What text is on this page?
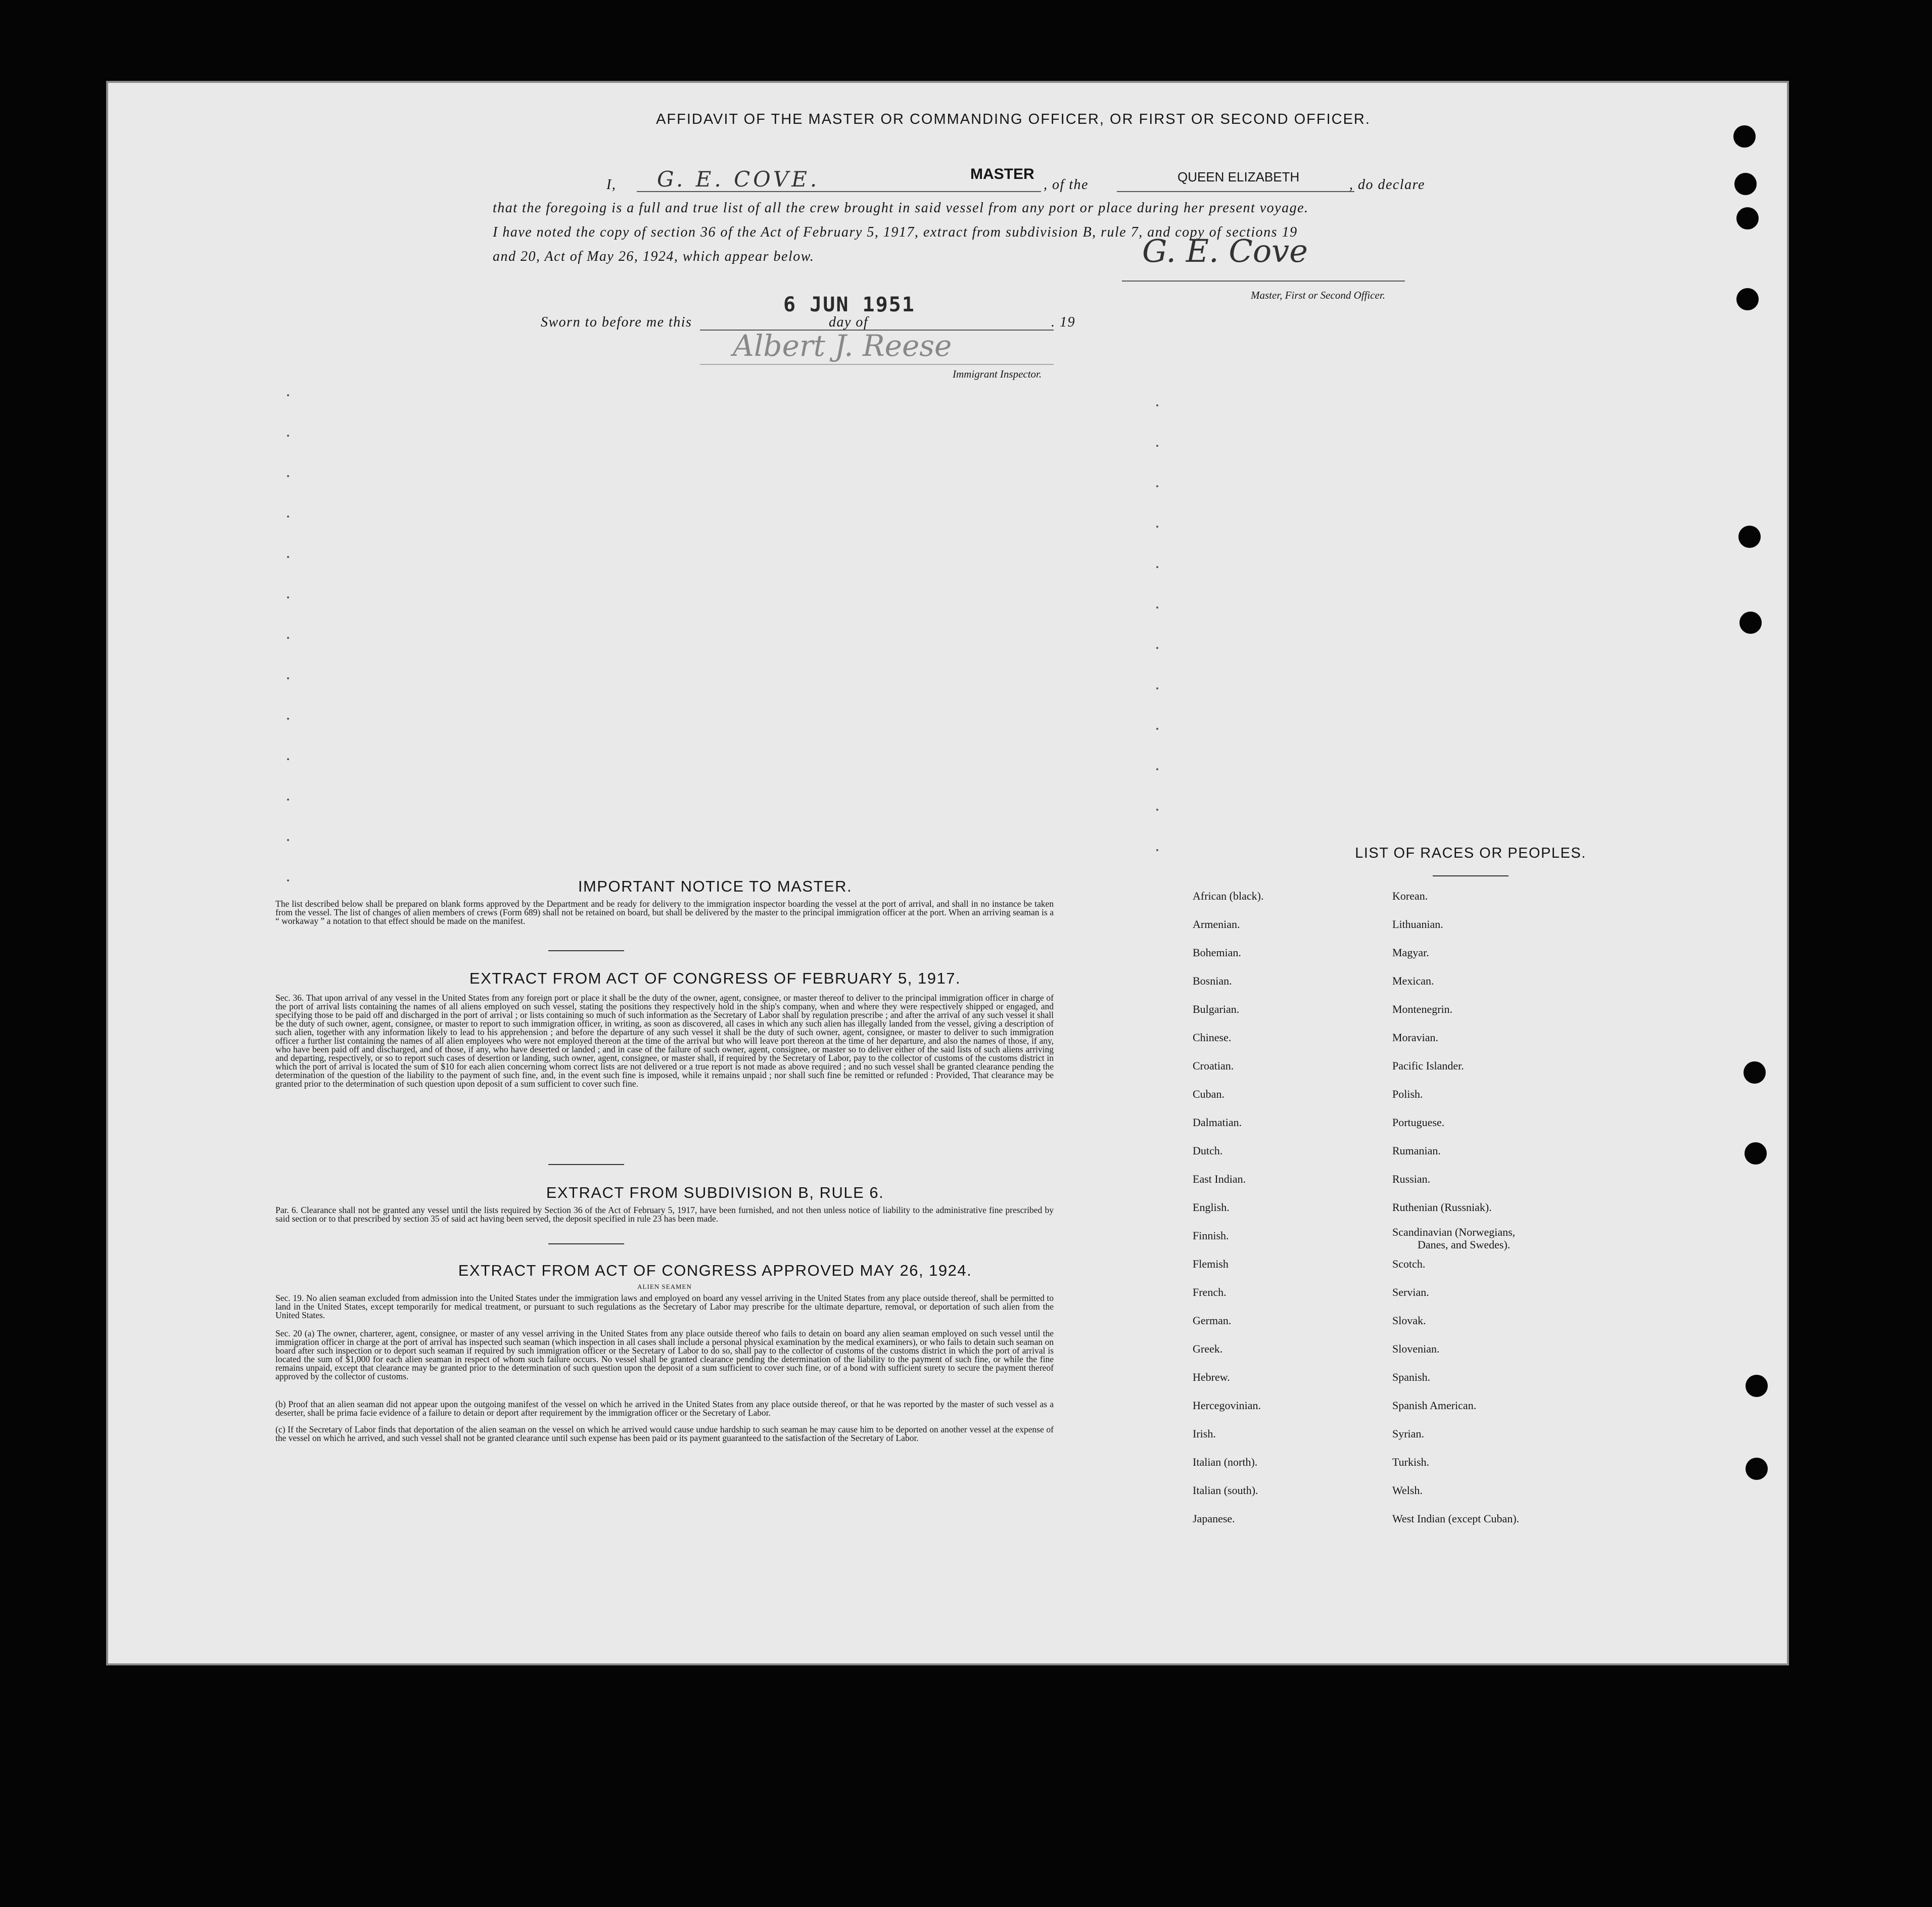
AFFIDAVIT OF THE MASTER OR COMMANDING OFFICER, OR FIRST OR SECOND OFFICER.
I, G. E. COVE.	MASTER
, of the	QUEEN ELIZABETH	, do declare
that the foregoing is a full and true list of all the crew brought in said vessel from any port or place during her present voyage.
I have noted the copy of section 36 of the Act of February 5, 1917, extract from subdivision B, rule 7, and copy of sections 19
and 20, Act of May 26, 1924, which appear below.	G. E. Cove
Master, First or Second Officer.
Sworn to before me this
6 JUN 1951
day of	. 19
Albert J. Reese
Immigrant Inspector.
IMPORTANT NOTICE TO MASTER.
The list described below shall be prepared on blank forms approved by the Department and be ready for delivery to the immigration inspector boarding the vessel at the port of arrival, and shall in no instance be taken from the vessel. The list of changes of alien members of crews (Form 689) shall not be retained on board, but shall be delivered by the master to the principal immigration officer at the port. When an arriving seaman is a “ workaway ” a notation to that effect should be made on the manifest.
EXTRACT FROM ACT OF CONGRESS OF FEBRUARY 5, 1917.
Sec. 36. That upon arrival of any vessel in the United States from any foreign port or place it shall be the duty of the owner, agent, consignee, or master thereof to deliver to the principal immigration officer in charge of the port of arrival lists containing the names of all aliens employed on such vessel, stating the positions they respectively hold in the ship's company, when and where they were respectively shipped or engaged, and specifying those to be paid off and discharged in the port of arrival ; or lists containing so much of such information as the Secretary of Labor shall by regulation prescribe ; and after the arrival of any such vessel it shall be the duty of such owner, agent, consignee, or master to report to such immigration officer, in writing, as soon as discovered, all cases in which any such alien has illegally landed from the vessel, giving a description of such alien, together with any information likely to lead to his apprehension ; and before the departure of any such vessel it shall be the duty of such owner, agent, consignee, or master to deliver to such immigration officer a further list containing the names of all alien employees who were not employed thereon at the time of the arrival but who will leave port thereon at the time of her departure, and also the names of those, if any, who have been paid off and discharged, and of those, if any, who have deserted or landed ; and in case of the failure of such owner, agent, consignee, or master so to deliver either of the said lists of such aliens arriving and departing, respectively, or so to report such cases of desertion or landing, such owner, agent, consignee, or master shall, if required by the Secretary of Labor, pay to the collector of customs of the customs district in which the port of arrival is located the sum of $10 for each alien concerning whom correct lists are not delivered or a true report is not made as above required ; and no such vessel shall be granted clearance pending the determination of the question of the liability to the payment of such fine, and, in the event such fine is imposed, while it remains unpaid ; nor shall such fine be remitted or refunded : Provided, That clearance may be granted prior to the determination of such question upon deposit of a sum sufficient to cover such fine.
EXTRACT FROM SUBDIVISION B, RULE 6.
Par. 6. Clearance shall not be granted any vessel until the lists required by Section 36 of the Act of February 5, 1917, have been furnished, and not then unless notice of liability to the administrative fine prescribed by said section or to that prescribed by section 35 of said act having been served, the deposit specified in rule 23 has been made.
EXTRACT FROM ACT OF CONGRESS APPROVED MAY 26, 1924.
ALIEN SEAMEN
Sec. 19. No alien seaman excluded from admission into the United States under the immigration laws and employed on board any vessel arriving in the United States from any place outside thereof, shall be permitted to land in the United States, except temporarily for medical treatment, or pursuant to such regulations as the Secretary of Labor may prescribe for the ultimate departure, removal, or deportation of such alien from the United States.
Sec. 20 (a) The owner, charterer, agent, consignee, or master of any vessel arriving in the United States from any place outside thereof who fails to detain on board any alien seaman employed on such vessel until the immigration officer in charge at the port of arrival has inspected such seaman (which inspection in all cases shall include a personal physical examination by the medical examiners), or who fails to detain such seaman on board after such inspection or to deport such seaman if required by such immigration officer or the Secretary of Labor to do so, shall pay to the collector of customs of the customs district in which the port of arrival is located the sum of $1,000 for each alien seaman in respect of whom such failure occurs. No vessel shall be granted clearance pending the determination of the liability to the payment of such fine, or while the fine remains unpaid, except that clearance may be granted prior to the determination of such question upon the deposit of a sum sufficient to cover such fine, or of a bond with sufficient surety to secure the payment thereof approved by the collector of customs.
(b) Proof that an alien seaman did not appear upon the outgoing manifest of the vessel on which he arrived in the United States from any place outside thereof, or that he was reported by the master of such vessel as a deserter, shall be prima facie evidence of a failure to detain or deport after requirement by the immigration officer or the Secretary of Labor.
(c) If the Secretary of Labor finds that deportation of the alien seaman on the vessel on which he arrived would cause undue hardship to such seaman he may cause him to be deported on another vessel at the expense of the vessel on which he arrived, and such vessel shall not be granted clearance until such expense has been paid or its payment guaranteed to the satisfaction of the Secretary of Labor.
LIST OF RACES OR PEOPLES.
African (black).
Armenian.
Bohemian.
Bosnian.
Bulgarian.
Chinese.
Croatian.
Cuban.
Dalmatian.
Dutch.
East Indian.
English.
Finnish.
Flemish
French.
German.
Greek.
Hebrew.
Hercegovinian.
Irish.
Italian (north).
Italian (south).
Japanese.
Korean.
Lithuanian.
Magyar.
Mexican.
Montenegrin.
Moravian.
Pacific Islander.
Polish.
Portuguese.
Rumanian.
Russian.
Ruthenian (Russniak).
Scandinavian (Norwegians,
Danes, and Swedes).
Scotch.
Servian.
Slovak.
Slovenian.
Spanish.
Spanish American.
Syrian.
Turkish.
Welsh.
West Indian (except Cuban).
